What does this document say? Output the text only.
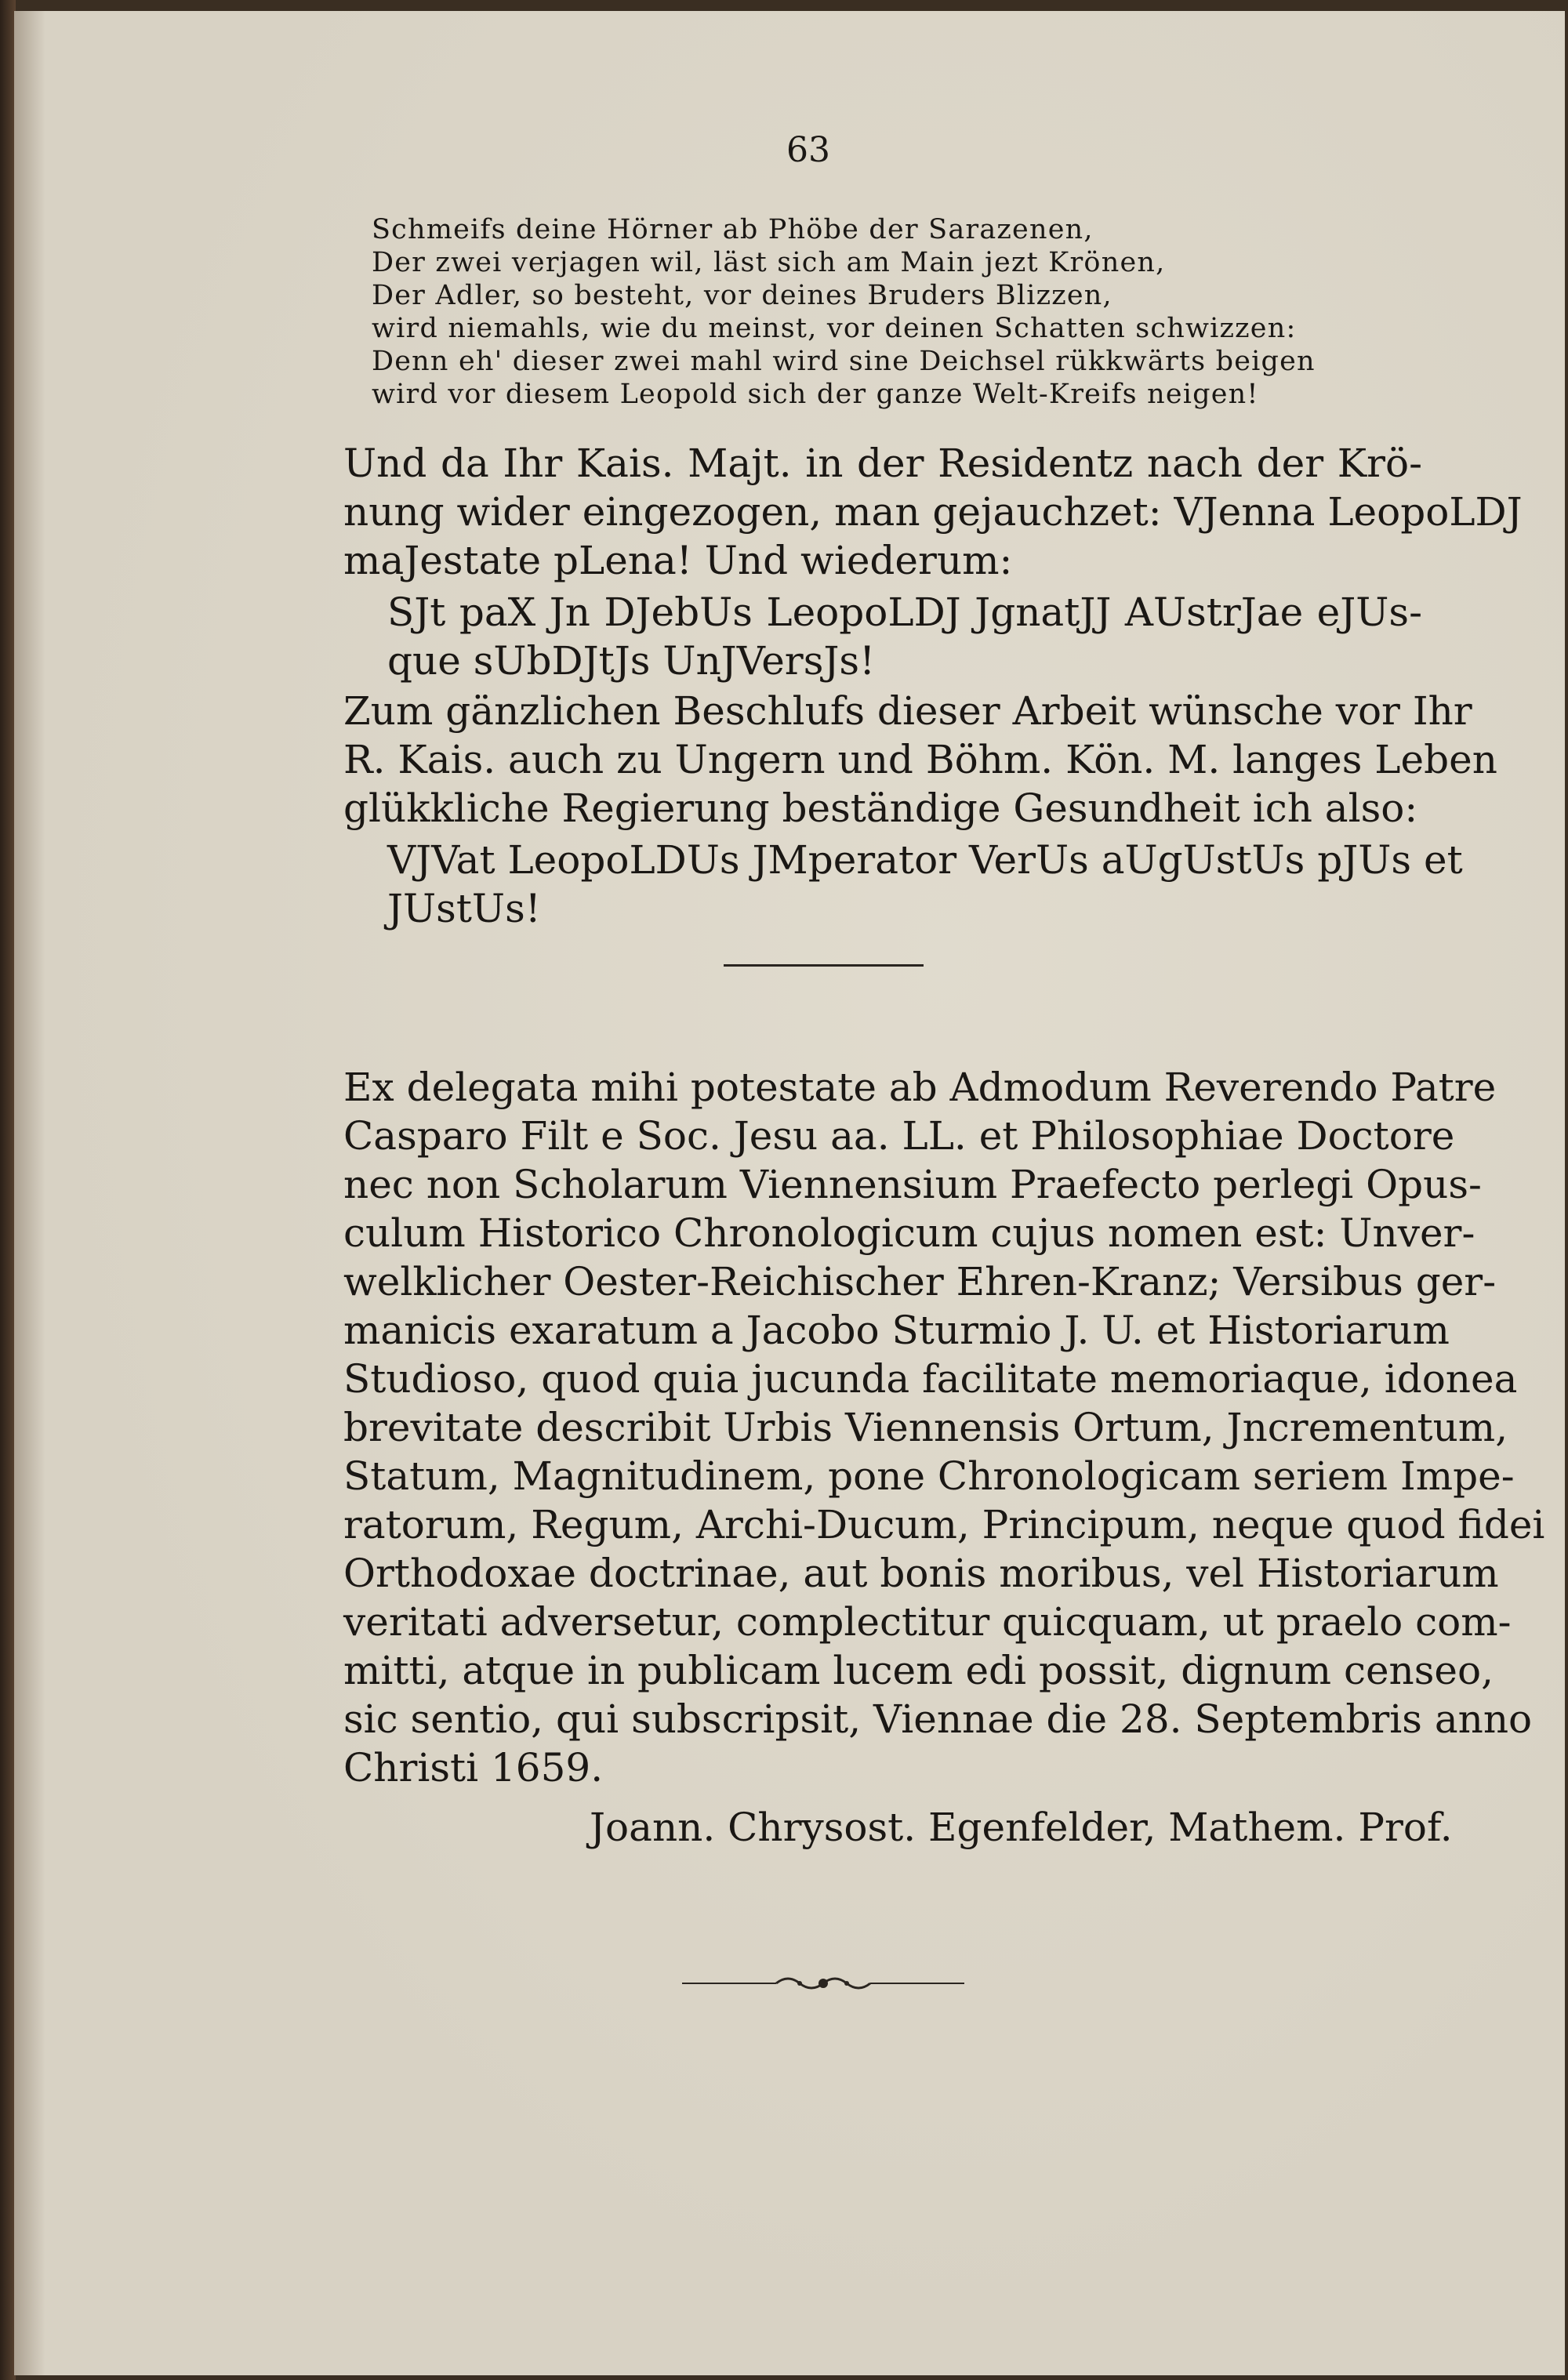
63
Schmeifs deine Hörner ab Phöbe der Sarazenen,
Der zwei verjagen wil, läst sich am Main jezt Krönen,
Der Adler, so besteht, vor deines Bruders Blizzen,
wird niemahls, wie du meinst, vor deinen Schatten schwizzen:
Denn eh' dieser zwei mahl wird sine Deichsel rükkwärts beigen
wird vor diesem Leopold sich der ganze Welt-Kreifs neigen!
Und da Ihr Kais. Majt. in der Residentz nach der Krö-
nung wider eingezogen, man gejauchzet: VJenna LeopoLDJ
maJestate pLena! Und wiederum:
SJt paX Jn DJebUs LeopoLDJ JgnatJJ AUstrJae eJUs-
que sUbDJtJs UnJVersJs!
Zum gänzlichen Beschlufs dieser Arbeit wünsche vor Ihr
R. Kais. auch zu Ungern und Böhm. Kön. M. langes Leben
glükkliche Regierung beständige Gesundheit ich also:
VJVat LeopoLDUs JMperator VerUs aUgUstUs pJUs et
JUstUs!
Ex delegata mihi potestate ab Admodum Reverendo Patre
Casparo Filt e Soc. Jesu aa. LL. et Philosophiae Doctore
nec non Scholarum Viennensium Praefecto perlegi Opus-
culum Historico Chronologicum cujus nomen est: Unver-
welklicher Oester-Reichischer Ehren-Kranz; Versibus ger-
manicis exaratum a Jacobo Sturmio J. U. et Historiarum
Studioso, quod quia jucunda facilitate memoriaque, idonea
brevitate describit Urbis Viennensis Ortum, Jncrementum,
Statum, Magnitudinem, pone Chronologicam seriem Impe-
ratorum, Regum, Archi-Ducum, Principum, neque quod fidei
Orthodoxae doctrinae, aut bonis moribus, vel Historiarum
veritati adversetur, complectitur quicquam, ut praelo com-
mitti, atque in publicam lucem edi possit, dignum censeo,
sic sentio, qui subscripsit, Viennae die 28. Septembris anno
Christi 1659.
Joann. Chrysost. Egenfelder, Mathem. Prof.
